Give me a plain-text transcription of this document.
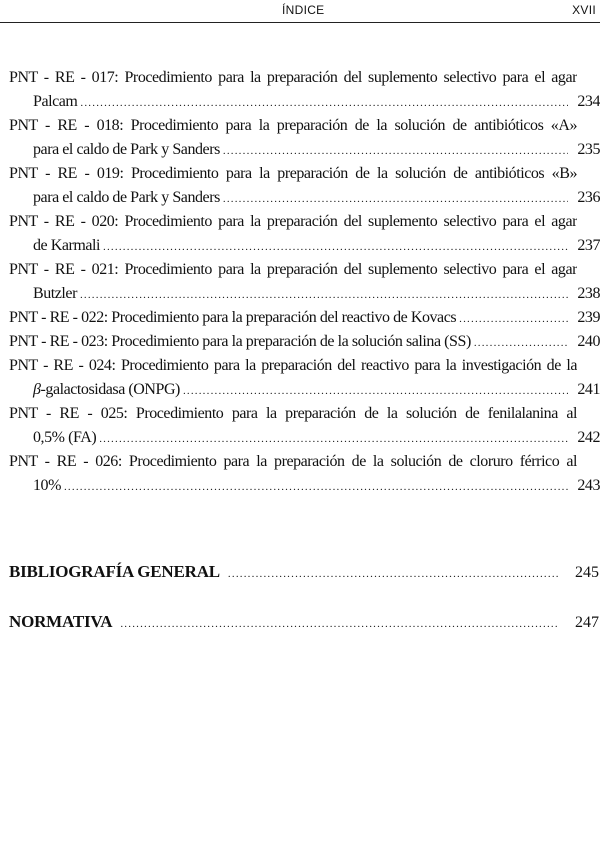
ÍNDICE	XVII
PNT - RE - 017: Procedimiento para la preparación del suplemento selectivo para el agar
Palcam .....	234
PNT - RE - 018: Procedimiento para la preparación de la solución de antibióticos «A»
para el caldo de Park y Sanders .....	235
PNT - RE - 019: Procedimiento para la preparación de la solución de antibióticos «B»
para el caldo de Park y Sanders .....	236
PNT - RE - 020: Procedimiento para la preparación del suplemento selectivo para el agar
de Karmali .....	237
PNT - RE - 021: Procedimiento para la preparación del suplemento selectivo para el agar
Butzler .....	238
PNT - RE - 022: Procedimiento para la preparación del reactivo de Kovacs .....	239
PNT - RE - 023: Procedimiento para la preparación de la solución salina (SS) .....	240
PNT - RE - 024: Procedimiento para la preparación del reactivo para la investigación de la
β-galactosidasa (ONPG) .....	241
PNT - RE - 025: Procedimiento para la preparación de la solución de fenilalanina al
0,5% (FA) .....	242
PNT - RE - 026: Procedimiento para la preparación de la solución de cloruro férrico al
10% .....	243
BIBLIOGRAFÍA GENERAL .....	245
NORMATIVA .....	247
